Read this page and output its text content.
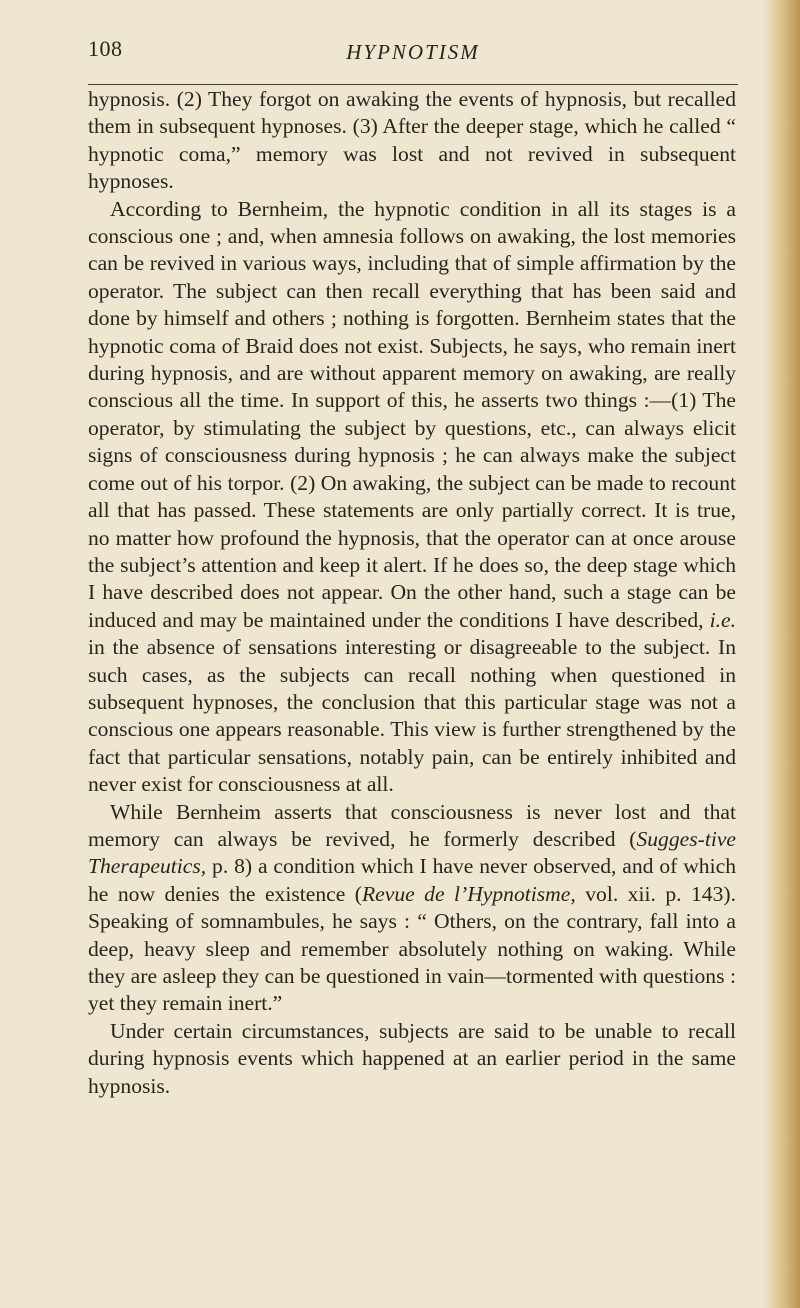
108	HYPNOTISM

hypnosis. (2) They forgot on awaking the events of hypnosis, but recalled them in subsequent hypnoses. (3) After the deeper stage, which he called “ hypnotic coma,” memory was lost and not revived in subsequent hypnoses.

According to Bernheim, the hypnotic condition in all its stages is a conscious one ; and, when amnesia follows on awaking, the lost memories can be revived in various ways, including that of simple affirmation by the operator. The subject can then recall everything that has been said and done by himself and others ; nothing is forgotten. Bernheim states that the hypnotic coma of Braid does not exist. Subjects, he says, who remain inert during hypnosis, and are without apparent memory on awaking, are really conscious all the time. In support of this, he asserts two things :—(1) The operator, by stimulating the subject by questions, etc., can always elicit signs of consciousness during hypnosis ; he can always make the subject come out of his torpor. (2) On awaking, the subject can be made to recount all that has passed. These statements are only partially correct. It is true, no matter how profound the hypnosis, that the operator can at once arouse the subject’s attention and keep it alert. If he does so, the deep stage which I have described does not appear. On the other hand, such a stage can be induced and may be maintained under the conditions I have described, i.e. in the absence of sensations interesting or disagreeable to the subject. In such cases, as the subjects can recall nothing when questioned in subsequent hypnoses, the conclusion that this particular stage was not a conscious one appears reasonable. This view is further strengthened by the fact that particular sensations, notably pain, can be entirely inhibited and never exist for consciousness at all.

While Bernheim asserts that consciousness is never lost and that memory can always be revived, he formerly described (Sugges-tive Therapeutics, p. 8) a condition which I have never observed, and of which he now denies the existence (Revue de l’Hypnotisme, vol. xii. p. 143). Speaking of somnambules, he says : “ Others, on the contrary, fall into a deep, heavy sleep and remember absolutely nothing on waking. While they are asleep they can be questioned in vain—tormented with questions : yet they remain inert.”

Under certain circumstances, subjects are said to be unable to recall during hypnosis events which happened at an earlier period in the same hypnosis.
